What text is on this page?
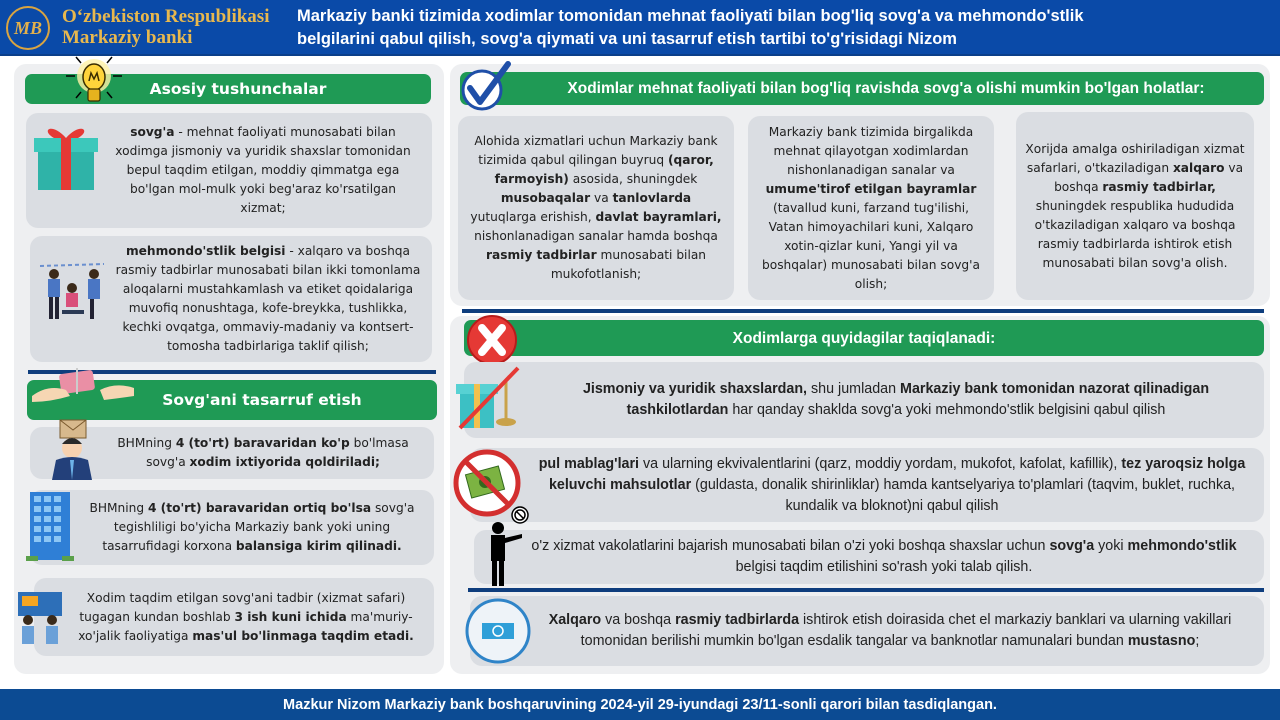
MB
O‘zbekiston Respublikasi
Markaziy banki
Markaziy banki tizimida xodimlar tomonidan mehnat faoliyati bilan bog'liq sovg'a va mehmondo'stlik
belgilarini qabul qilish, sovg'a qiymati va uni tasarruf etish tartibi to'g'risidagi Nizom
Asosiy tushunchalar
sovg'a - mehnat faoliyati munosabati bilan xodimga jismoniy va yuridik shaxslar tomonidan bepul taqdim etilgan, moddiy qimmatga ega bo'lgan mol-mulk yoki beg'araz ko'rsatilgan xizmat;
mehmondo'stlik belgisi - xalqaro va boshqa rasmiy tadbirlar munosabati bilan ikki tomonlama aloqalarni mustahkamlash va etiket qoidalariga muvofiq nonushtaga, kofe-breykka, tushlikka, kechki ovqatga, ommaviy-madaniy va kontsert-tomosha tadbirlariga taklif qilish;
Sovg'ani tasarruf etish
BHMning 4 (to'rt) baravaridan ko'p bo'lmasa sovg'a xodim ixtiyorida qoldiriladi;
BHMning 4 (to'rt) baravaridan ortiq bo'lsa sovg'a tegishliligi bo'yicha Markaziy bank yoki uning tasarrufidagi korxona balansiga kirim qilinadi.
Xodim taqdim etilgan sovg'ani tadbir (xizmat safari) tugagan kundan boshlab 3 ish kuni ichida ma'muriy-xo'jalik faoliyatiga mas'ul bo'linmaga taqdim etadi.
Xodimlar mehnat faoliyati bilan bog'liq ravishda sovg'a olishi mumkin bo'lgan holatlar:
Alohida xizmatlari uchun Markaziy bank tizimida qabul qilingan buyruq (qaror, farmoyish) asosida, shuningdek musobaqalar va tanlovlarda yutuqlarga erishish, davlat bayramlari, nishonlanadigan sanalar hamda boshqa rasmiy tadbirlar munosabati bilan mukofotlanish;
Markaziy bank tizimida birgalikda mehnat qilayotgan xodimlardan nishonlanadigan sanalar va umume'tirof etilgan bayramlar (tavallud kuni, farzand tug'ilishi, Vatan himoyachilari kuni, Xalqaro xotin-qizlar kuni, Yangi yil va boshqalar) munosabati bilan sovg'a olish;
Xorijda amalga oshiriladigan xizmat safarlari, o'tkaziladigan xalqaro va boshqa rasmiy tadbirlar, shuningdek respublika hududida o'tkaziladigan xalqaro va boshqa rasmiy tadbirlarda ishtirok etish munosabati bilan sovg'a olish.
Xodimlarga quyidagilar taqiqlanadi:
Jismoniy va yuridik shaxslardan, shu jumladan Markaziy bank tomonidan nazorat qilinadigan tashkilotlardan har qanday shaklda sovg'a yoki mehmondo'stlik belgisini qabul qilish
pul mablag'lari va ularning ekvivalentlarini (qarz, moddiy yordam, mukofot, kafolat, kafillik), tez yaroqsiz holga keluvchi mahsulotlar (guldasta, donalik shirinliklar) hamda kantselyariya to'plamlari (taqvim, buklet, ruchka, kundalik va bloknot)ni qabul qilish
o'z xizmat vakolatlarini bajarish munosabati bilan o'zi yoki boshqa shaxslar uchun sovg'a yoki mehmondo'stlik belgisi taqdim etilishini so'rash yoki talab qilish.
Xalqaro va boshqa rasmiy tadbirlarda ishtirok etish doirasida chet el markaziy banklari va ularning vakillari tomonidan berilishi mumkin bo'lgan esdalik tangalar va banknotlar namunalari bundan mustasno;
Mazkur Nizom Markaziy bank boshqaruvining 2024-yil 29-iyundagi 23/11-sonli qarori bilan tasdiqlangan.
